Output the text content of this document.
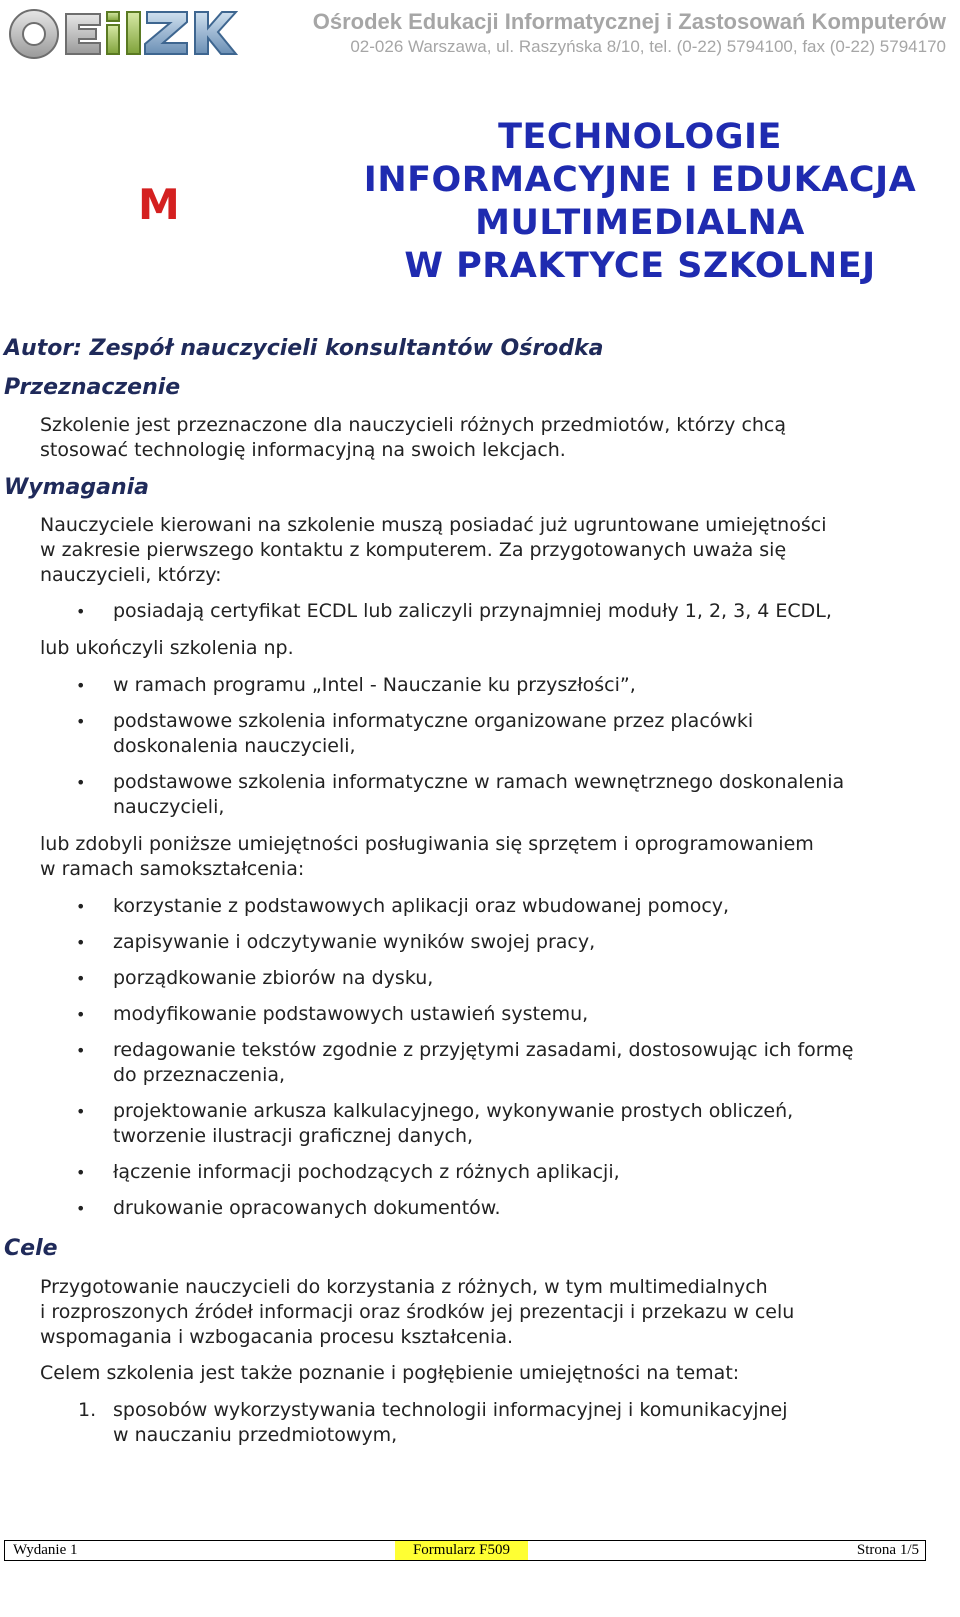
Ośrodek Edukacji Informatycznej i Zastosowań Komputerów
02-026 Warszawa, ul. Raszyńska 8/10, tel. (0-22) 5794100, fax (0-22) 5794170
M
TECHNOLOGIE
INFORMACYJNE I EDUKACJA
MULTIMEDIALNA
W PRAKTYCE SZKOLNEJ
Autor: Zespół nauczycieli konsultantów Ośrodka
Przeznaczenie

Szkolenie jest przeznaczone dla nauczycieli różnych przedmiotów, którzy chcą
stosować technologię informacyjną na swoich lekcjach.

Wymagania

Nauczyciele kierowani na szkolenie muszą posiadać już ugruntowane umiejętności
w zakresie pierwszego kontaktu z komputerem. Za przygotowanych uważa się
nauczycieli, którzy:

• posiadają certyfikat ECDL lub zaliczyli przynajmniej moduły 1, 2, 3, 4 ECDL,

lub ukończyli szkolenia np.

• w ramach programu „Intel - Nauczanie ku przyszłości”,
• podstawowe szkolenia informatyczne organizowane przez placówki
doskonalenia nauczycieli,
• podstawowe szkolenia informatyczne w ramach wewnętrznego doskonalenia
nauczycieli,

lub zdobyli poniższe umiejętności posługiwania się sprzętem i oprogramowaniem
w ramach samokształcenia:

• korzystanie z podstawowych aplikacji oraz wbudowanej pomocy,
• zapisywanie i odczytywanie wyników swojej pracy,
• porządkowanie zbiorów na dysku,
• modyfikowanie podstawowych ustawień systemu,
• redagowanie tekstów zgodnie z przyjętymi zasadami, dostosowując ich formę
do przeznaczenia,
• projektowanie arkusza kalkulacyjnego, wykonywanie prostych obliczeń,
tworzenie ilustracji graficznej danych,
• łączenie informacji pochodzących z różnych aplikacji,
• drukowanie opracowanych dokumentów.
Cele

Przygotowanie nauczycieli do korzystania z różnych, w tym multimedialnych
i rozproszonych źródeł informacji oraz środków jej prezentacji i przekazu w celu
wspomagania i wzbogacania procesu kształcenia.

Celem szkolenia jest także poznanie i pogłębienie umiejętności na temat:

1. sposobów wykorzystywania technologii informacyjnej i komunikacyjnej
w nauczaniu przedmiotowym,
Wydanie 1	Formularz F509	Strona 1/5
